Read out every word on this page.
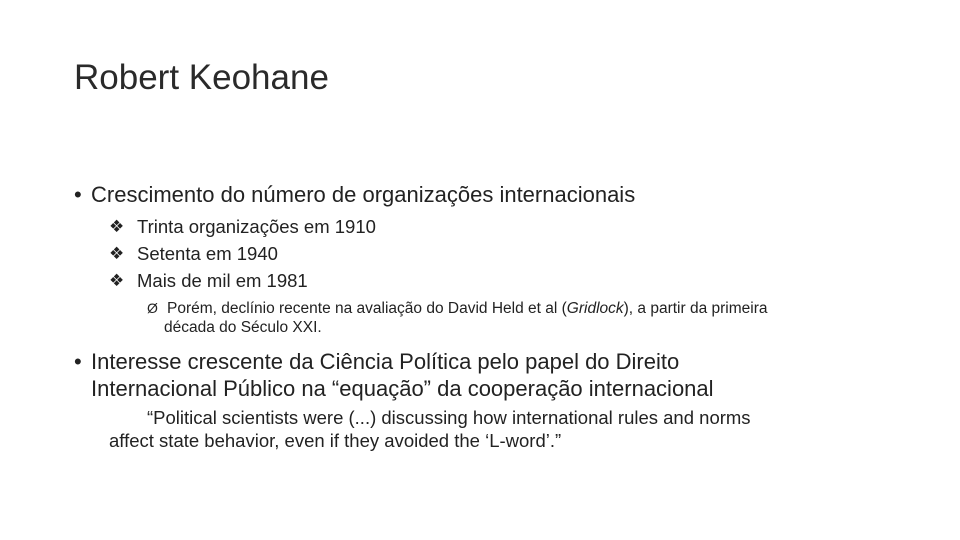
Robert Keohane
• Crescimento do número de organizações internacionais
❖ Trinta organizações em 1910
❖ Setenta em 1940
❖ Mais de mil em 1981
Ø Porém, declínio recente na avaliação do David Held et al (Gridlock), a partir da primeira
década do Século XXI.
• Interesse crescente da Ciência Política pelo papel do Direito
Internacional Público na “equação” da cooperação internacional
“Political scientists were (...) discussing how international rules and norms
affect state behavior, even if they avoided the ‘L-word’.”
